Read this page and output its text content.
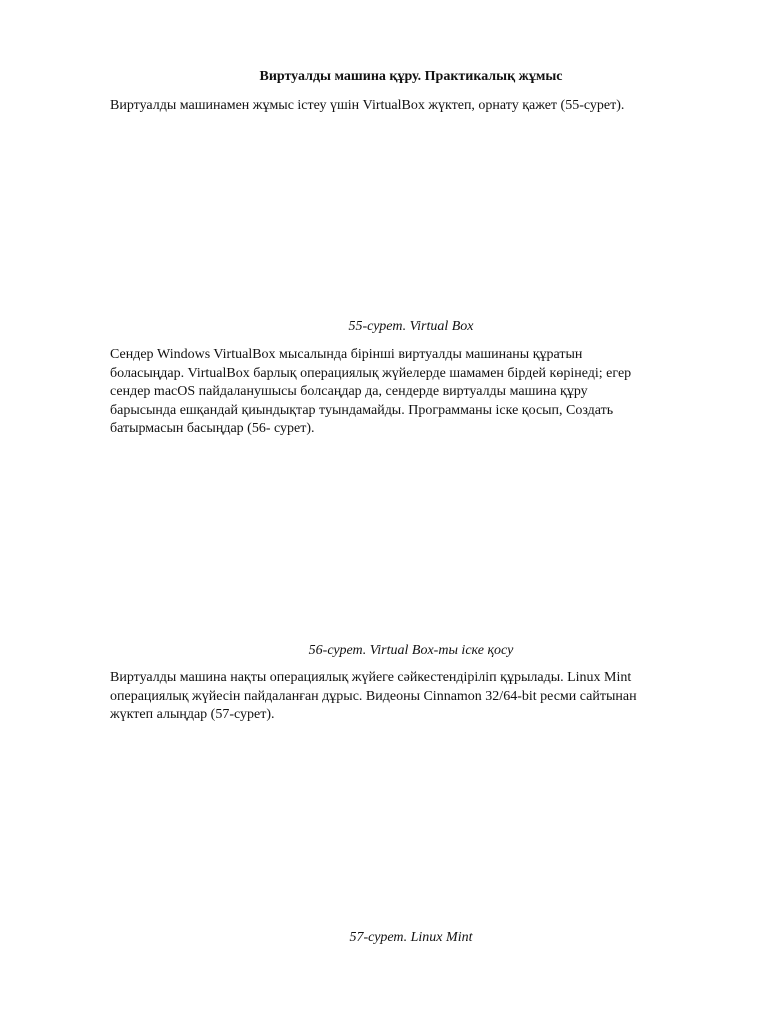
Виртуалды машина құру. Практикалық жұмыс

Виртуалды машинамен жұмыс істеу үшін VirtualBox жүктеп, орнату қажет (55-сурет).

55-сурет. Virtual Box

Сендер Windows VirtualBox мысалында бірінші виртуалды машинаны құратын
боласыңдар. VirtualBox барлық операциялық жүйелерде шамамен бірдей көрінеді; егер
сендер macOS пайдаланушысы болсаңдар да, сендерде виртуалды машина құру
барысында ешқандай қиындықтар туындамайды. Программаны іске қосып, Создать
батырмасын басыңдар (56- сурет).

56-сурет. Virtual Box-ты іске қосу

Виртуалды машина нақты операциялық жүйеге сәйкестендіріліп құрылады. Linux Mint
операциялық жүйесін пайдаланған дұрыс. Видеоны Cinnamon 32/64-bit ресми сайтынан
жүктеп алыңдар (57-сурет).

57-сурет. Linux Mint
